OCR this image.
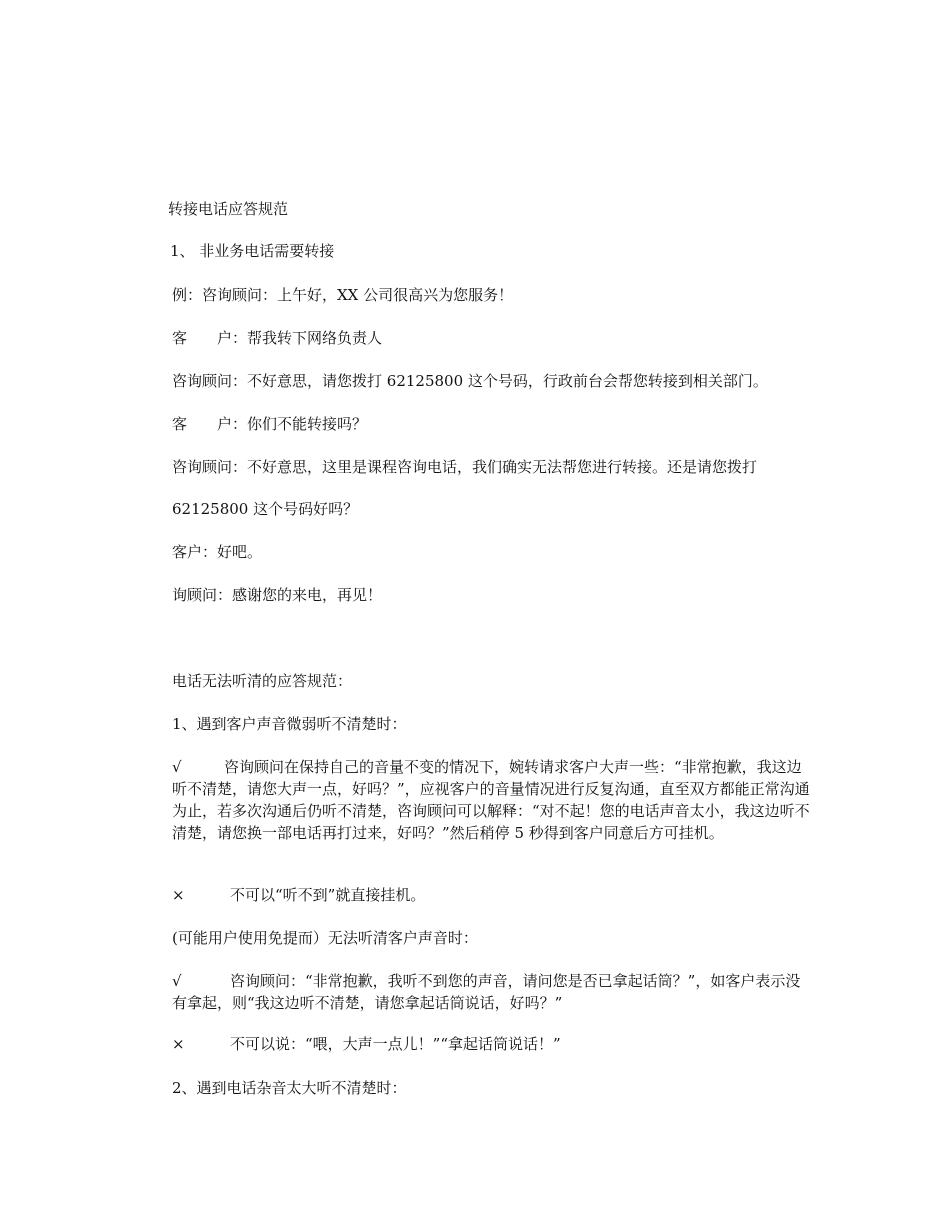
转接电话应答规范
1、 非业务电话需要转接
例：咨询顾问：上午好，XX 公司很高兴为您服务！
客　　户：帮我转下网络负责人
咨询顾问：不好意思，请您拨打 62125800 这个号码，行政前台会帮您转接到相关部门。
客　　户：你们不能转接吗？
咨询顾问：不好意思，这里是课程咨询电话，我们确实无法帮您进行转接。还是请您拨打
62125800 这个号码好吗？
客户：好吧。
询顾问：感谢您的来电，再见！
电话无法听清的应答规范：
1、遇到客户声音微弱听不清楚时：
√	咨询顾问在保持自己的音量不变的情况下，婉转请求客户大声一些：“非常抱歉，我这边听不清楚，请您大声一点，好吗？”，应视客户的音量情况进行反复沟通，直至双方都能正常沟通为止，若多次沟通后仍听不清楚，咨询顾问可以解释：“对不起！您的电话声音太小，我这边听不清楚，请您换一部电话再打过来，好吗？”然后稍停 5 秒得到客户同意后方可挂机。
×	不可以“听不到”就直接挂机。
(可能用户使用免提而）无法听清客户声音时：
√	咨询顾问：“非常抱歉，我听不到您的声音，请问您是否已拿起话筒？”，如客户表示没有拿起，则“我这边听不清楚，请您拿起话筒说话，好吗？”
×	不可以说：“喂，大声一点儿！”“拿起话筒说话！”
2、遇到电话杂音太大听不清楚时：
